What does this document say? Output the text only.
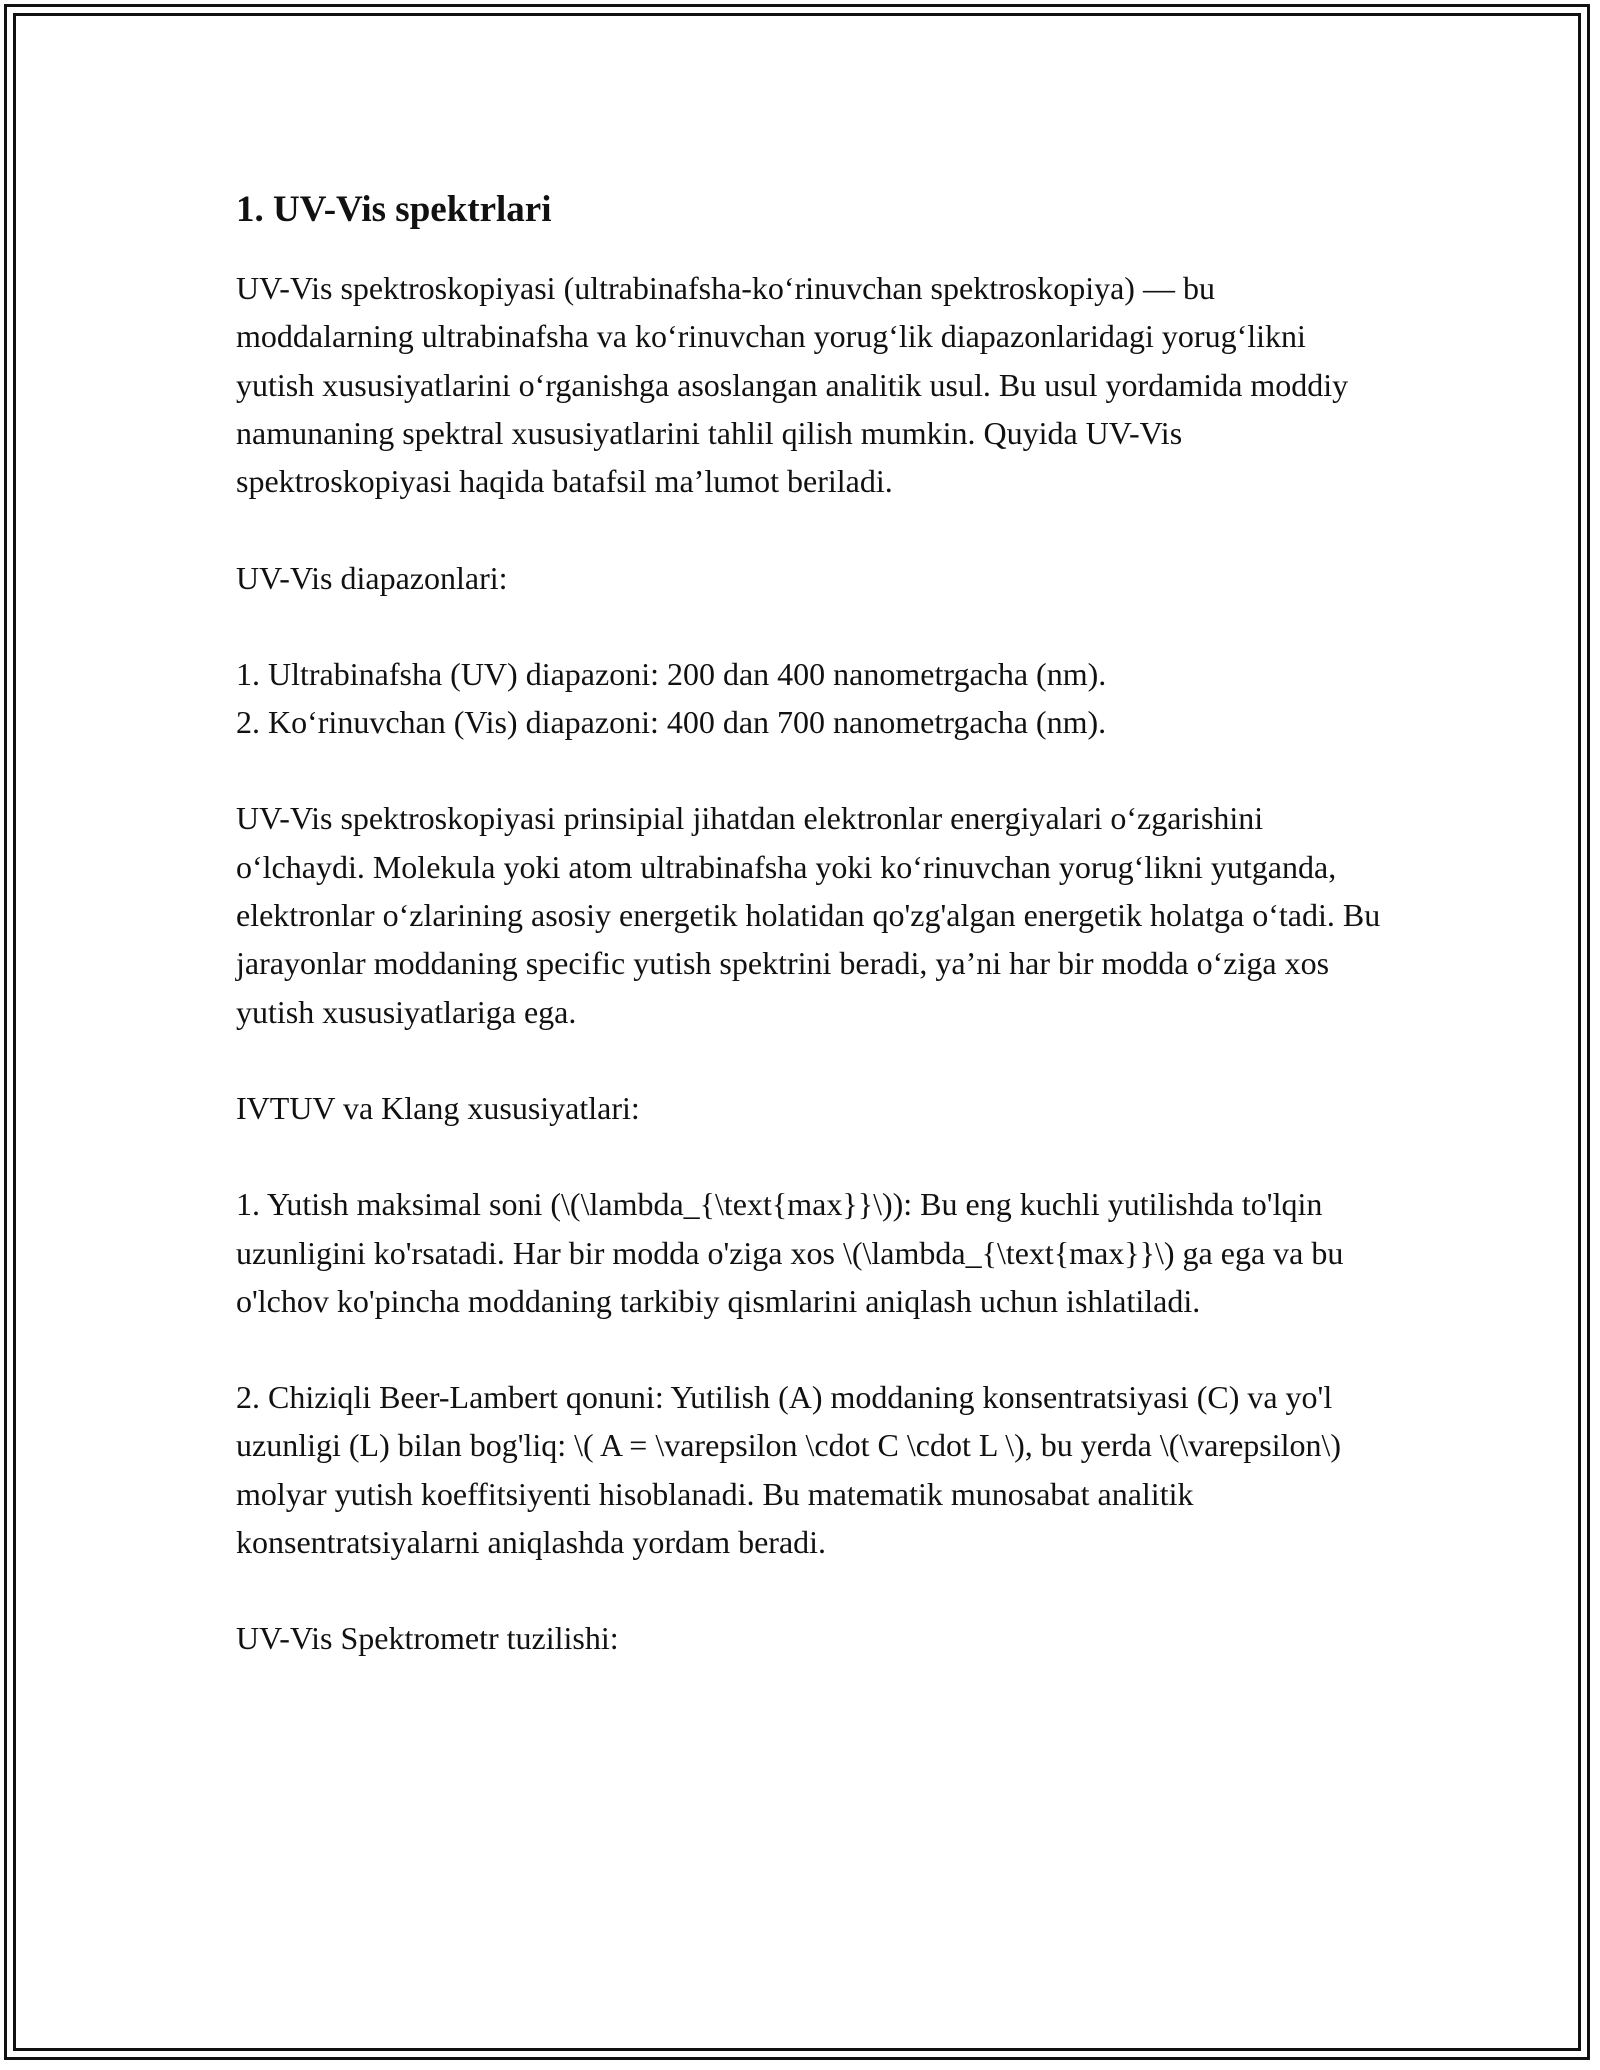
1. UV-Vis spektrlari

UV-Vis spektroskopiyasi (ultrabinafsha-koʻrinuvchan spektroskopiya) — bu moddalarning ultrabinafsha va koʻrinuvchan yorugʻlik diapazonlaridagi yorugʻlikni yutish xususiyatlarini oʻrganishga asoslangan analitik usul. Bu usul yordamida moddiy namunaning spektral xususiyatlarini tahlil qilish mumkin. Quyida UV-Vis spektroskopiyasi haqida batafsil ma’lumot beriladi.

UV-Vis diapazonlari:

1. Ultrabinafsha (UV) diapazoni: 200 dan 400 nanometrgacha (nm).

2. Koʻrinuvchan (Vis) diapazoni: 400 dan 700 nanometrgacha (nm).

UV-Vis spektroskopiyasi prinsipial jihatdan elektronlar energiyalari oʻzgarishini oʻlchaydi. Molekula yoki atom ultrabinafsha yoki koʻrinuvchan yorugʻlikni yutganda, elektronlar oʻzlarining asosiy energetik holatidan qo'zg'algan energetik holatga oʻtadi. Bu jarayonlar moddaning specific yutish spektrini beradi, ya’ni har bir modda oʻziga xos yutish xususiyatlariga ega.

IVTUV va Klang xususiyatlari:

1. Yutish maksimal soni (\(\lambda_{\text{max}}\)): Bu eng kuchli yutilishda to'lqin uzunligini ko'rsatadi. Har bir modda o'ziga xos \(\lambda_{\text{max}}\) ga ega va bu o'lchov ko'pincha moddaning tarkibiy qismlarini aniqlash uchun ishlatiladi.

2. Chiziqli Beer-Lambert qonuni: Yutilish (A) moddaning konsentratsiyasi (C) va yo'l uzunligi (L) bilan bog'liq: \( A = \varepsilon \cdot C \cdot L \), bu yerda \(\varepsilon\) molyar yutish koeffitsiyenti hisoblanadi. Bu matematik munosabat analitik konsentratsiyalarni aniqlashda yordam beradi.

UV-Vis Spektrometr tuzilishi:
